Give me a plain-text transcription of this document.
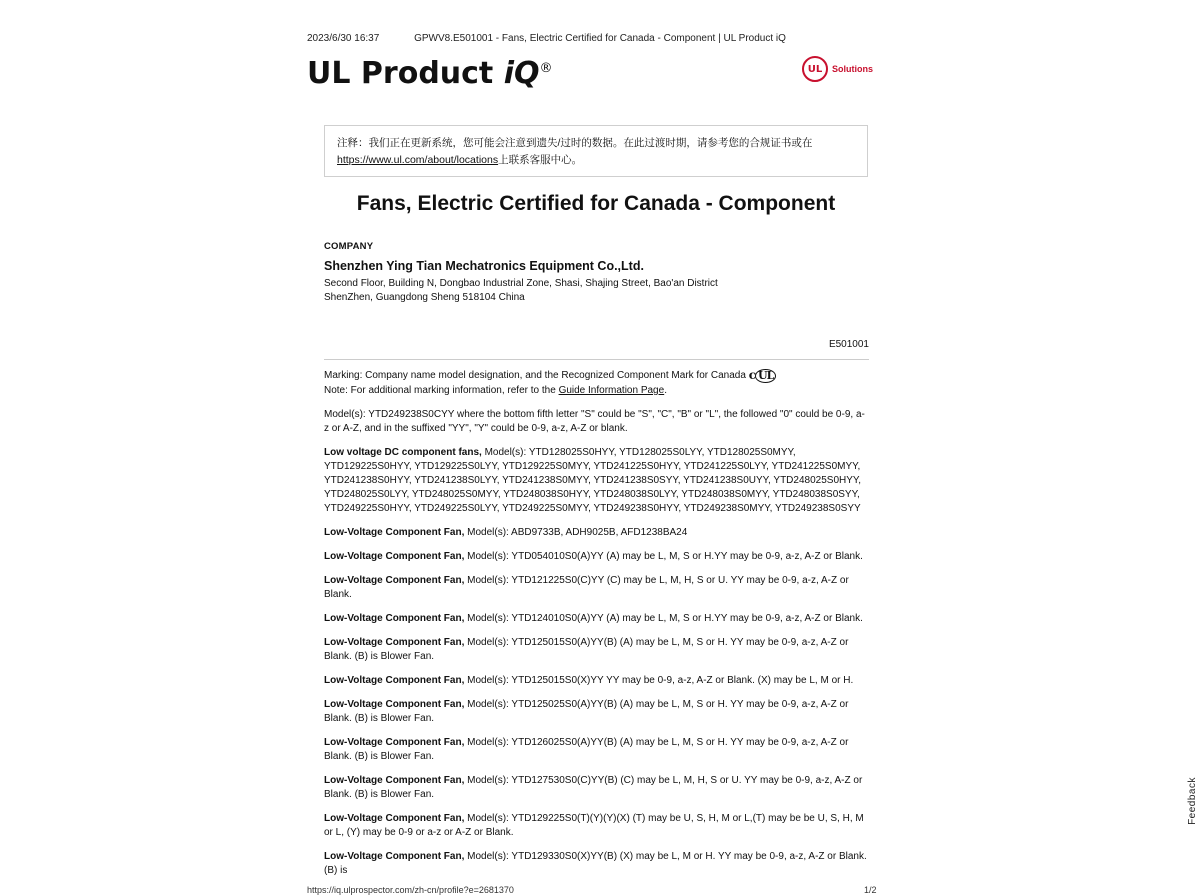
2023/6/30 16:37	GPWV8.E501001 - Fans, Electric Certified for Canada - Component | UL Product iQ
UL Product iQ®	UL	Solutions
注释：我们正在更新系统，您可能会注意到遗失/过时的数据。在此过渡时期，请参考您的合规证书或在https://www.ul.com/about/locations上联系客服中心。
Fans, Electric Certified for Canada - Component
COMPANY
Shenzhen Ying Tian Mechatronics Equipment Co.,Ltd.
Second Floor, Building N, Dongbao Industrial Zone, Shasi, Shajing Street, Bao'an District
ShenZhen, Guangdong Sheng 518104 China
E501001
Marking: Company name model designation, and the Recognized Component Mark for Canada c UL
Note: For additional marking information, refer to the Guide Information Page.
Model(s): YTD249238S0CYY where the bottom fifth letter "S" could be "S", "C", "B" or "L", the followed "0" could be 0-9, a-z or A-Z, and in the suffixed "YY", "Y" could be 0-9, a-z, A-Z or blank.
Low voltage DC component fans, Model(s): YTD128025S0HYY, YTD128025S0LYY, YTD128025S0MYY, YTD129225S0HYY, YTD129225S0LYY, YTD129225S0MYY, YTD241225S0HYY, YTD241225S0LYY, YTD241225S0MYY, YTD241238S0HYY, YTD241238S0LYY, YTD241238S0MYY, YTD241238S0SYY, YTD241238S0UYY, YTD248025S0HYY, YTD248025S0LYY, YTD248025S0MYY, YTD248038S0HYY, YTD248038S0LYY, YTD248038S0MYY, YTD248038S0SYY, YTD249225S0HYY, YTD249225S0LYY, YTD249225S0MYY, YTD249238S0HYY, YTD249238S0MYY, YTD249238S0SYY
Low-Voltage Component Fan, Model(s): ABD9733B, ADH9025B, AFD1238BA24
Low-Voltage Component Fan, Model(s): YTD054010S0(A)YY (A) may be L, M, S or H.YY may be 0-9, a-z, A-Z or Blank.
Low-Voltage Component Fan, Model(s): YTD121225S0(C)YY (C) may be L, M, H, S or U. YY may be 0-9, a-z, A-Z or Blank.
Low-Voltage Component Fan, Model(s): YTD124010S0(A)YY (A) may be L, M, S or H.YY may be 0-9, a-z, A-Z or Blank.
Low-Voltage Component Fan, Model(s): YTD125015S0(A)YY(B) (A) may be L, M, S or H. YY may be 0-9, a-z, A-Z or Blank. (B) is Blower Fan.
Low-Voltage Component Fan, Model(s): YTD125015S0(X)YY YY may be 0-9, a-z, A-Z or Blank. (X) may be L, M or H.
Low-Voltage Component Fan, Model(s): YTD125025S0(A)YY(B) (A) may be L, M, S or H. YY may be 0-9, a-z, A-Z or Blank. (B) is Blower Fan.
Low-Voltage Component Fan, Model(s): YTD126025S0(A)YY(B) (A) may be L, M, S or H. YY may be 0-9, a-z, A-Z or Blank. (B) is Blower Fan.
Low-Voltage Component Fan, Model(s): YTD127530S0(C)YY(B) (C) may be L, M, H, S or U. YY may be 0-9, a-z, A-Z or Blank. (B) is Blower Fan.
Low-Voltage Component Fan, Model(s): YTD129225S0(T)(Y)(Y)(X) (T) may be U, S, H, M or L,(T) may be be U, S, H, M or L, (Y) may be 0-9 or a-z or A-Z or Blank.
Low-Voltage Component Fan, Model(s): YTD129330S0(X)YY(B) (X) may be L, M or H. YY may be 0-9, a-z, A-Z or Blank. (B) is
Feedback
https://iq.ulprospector.com/zh-cn/profile?e=2681370	1/2
